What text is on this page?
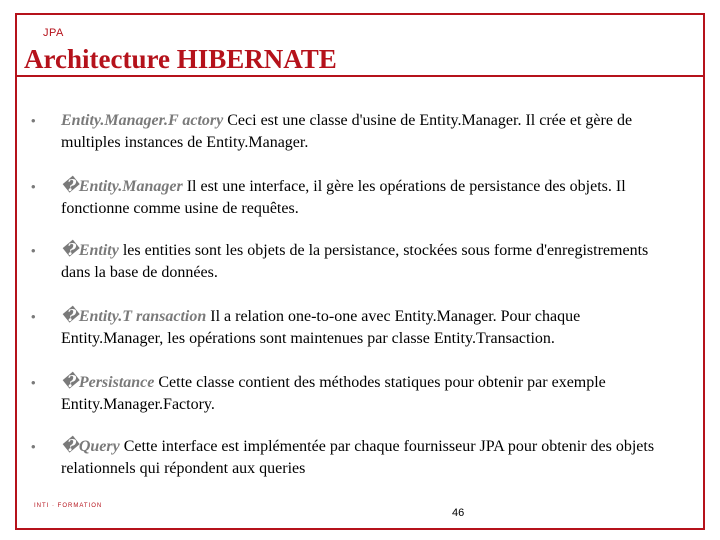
JPA
Architecture HIBERNATE
• Entity.Manager.F actory Ceci est une classe d'usine de Entity.Manager. Il crée et gère de multiples instances de Entity.Manager.
• �Entity.Manager Il est une interface, il gère les opérations de persistance des objets. Il fonctionne comme usine de requêtes.
• �Entity les entities sont les objets de la persistance, stockées sous forme d'enregistrements dans la base de données.
• �Entity.T ransaction Il a relation one-to-one avec Entity.Manager. Pour chaque Entity.Manager, les opérations sont maintenues par classe Entity.Transaction.
• �Persistance Cette classe contient des méthodes statiques pour obtenir par exemple Entity.Manager.Factory.
• �Query Cette interface est implémentée par chaque fournisseur JPA pour obtenir des objets relationnels qui répondent aux queries
INTI · FORMATION
46
